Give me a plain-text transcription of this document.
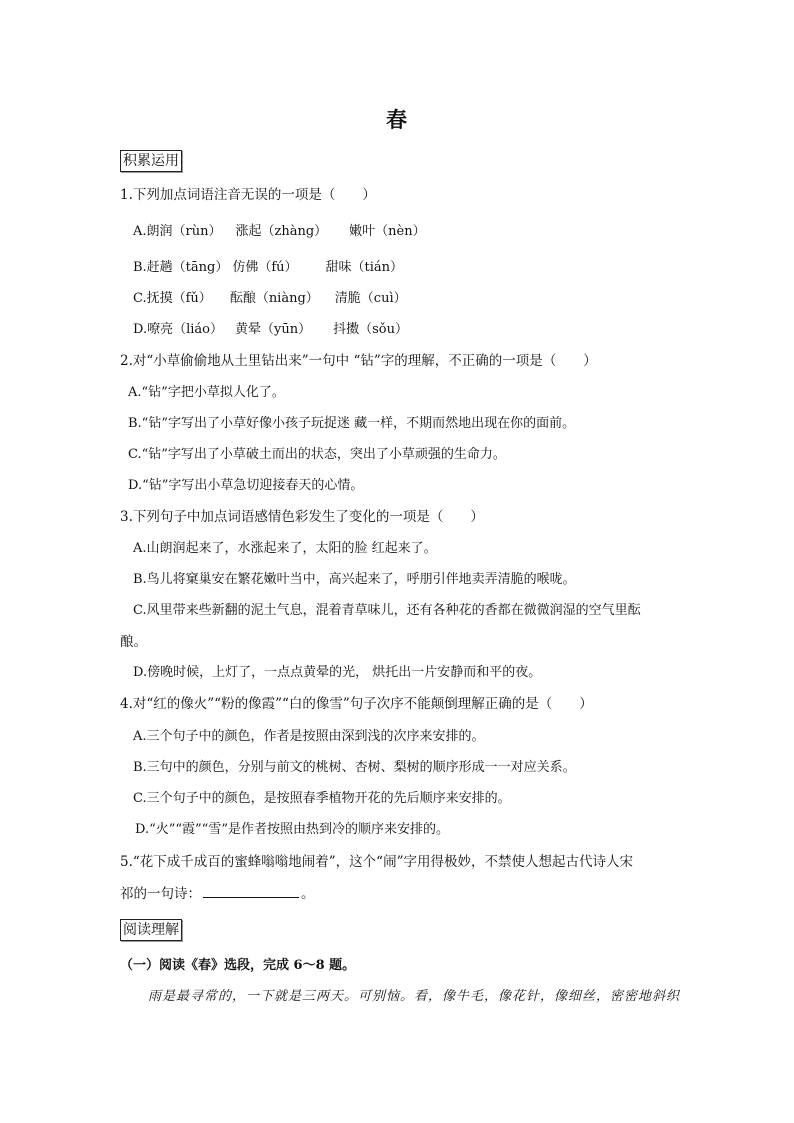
春
积累运用
1.下列加点词语注音无误的一项是（　　）
A.朗润（rùn） 涨起（zhàng） 嫩叶（nèn）
B.赶趟（tāng） 仿佛（fú） 甜味（tián）
C.抚摸（fǔ） 酝酿（niàng） 清脆（cuì）
D.嘹亮（liáo） 黄晕（yūn） 抖擞（sǒu）
2.对“小草偷偷地从土里钻出来”一句中 “钻”字的理解，不正确的一项是（　　）
A.“钻”字把小草拟人化了。
B.“钻”字写出了小草好像小孩子玩捉迷 藏一样，不期而然地出现在你的面前。
C.“钻”字写出了小草破土而出的状态，突出了小草顽强的生命力。
D.“钻”字写出小草急切迎接春天的心情。
3.下列句子中加点词语感情色彩发生了变化的一项是（　　）
A.山朗润起来了，水涨起来了，太阳的脸 红起来了。
B.鸟儿将窠巢安在繁花嫩叶当中，高兴起来了，呼朋引伴地卖弄清脆的喉咙。
C.风里带来些新翻的泥土气息，混着青草味儿，还有各种花的香都在微微润湿的空气里酝
酿。
D.傍晚时候，上灯了，一点点黄晕的光， 烘托出一片安静而和平的夜。
4.对“红的像火”“粉的像霞”“白的像雪”句子次序不能颠倒理解正确的是（　　）
A.三个句子中的颜色，作者是按照由深到浅的次序来安排的。
B.三句中的颜色，分别与前文的桃树、杏树、梨树的顺序形成一一对应关系。
C.三个句子中的颜色，是按照春季植物开花的先后顺序来安排的。
D.“火”“霞”“雪”是作者按照由热到冷的顺序来安排的。
5.“花下成千成百的蜜蜂嗡嗡地闹着”，这个“闹”字用得极妙，不禁使人想起古代诗人宋
祁的一句诗：	。
阅读理解
（一）阅读《春》选段，完成 6～8 题。
雨是最寻常的，一下就是三两天。可别恼。看，像牛毛，像花针，像细丝，密密地斜织
